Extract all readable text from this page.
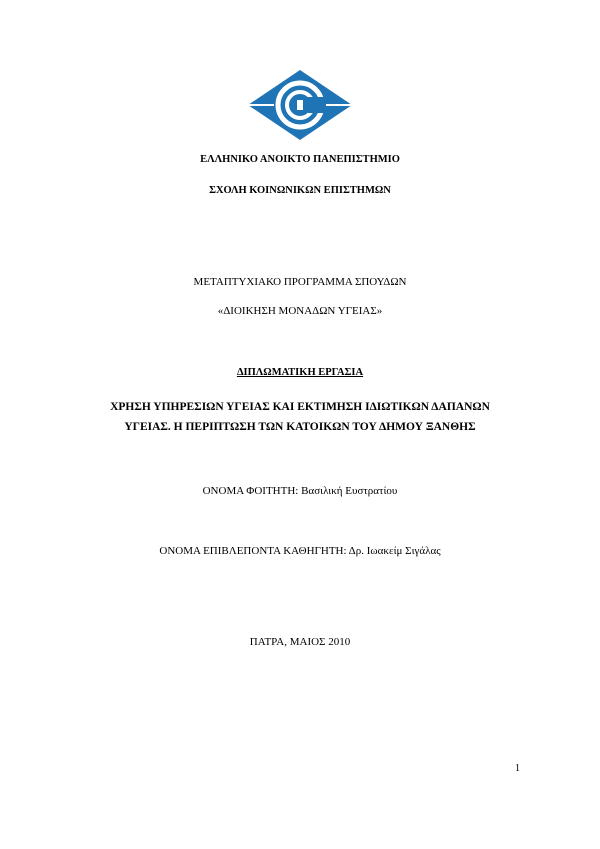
ΕΛΛΗΝΙΚΟ ΑΝΟΙΚΤΟ ΠΑΝΕΠΙΣΤΗΜΙΟ
ΣΧΟΛΗ ΚΟΙΝΩΝΙΚΩΝ ΕΠΙΣΤΗΜΩΝ
ΜΕΤΑΠΤΥΧΙΑΚΟ ΠΡΟΓΡΑΜΜΑ ΣΠΟΥΔΩΝ
«ΔΙΟΙΚΗΣΗ ΜΟΝΑΔΩΝ ΥΓΕΙΑΣ»
ΔΙΠΛΩΜΑΤΙΚΗ ΕΡΓΑΣΙΑ
ΧΡΗΣΗ ΥΠΗΡΕΣΙΩΝ ΥΓΕΙΑΣ ΚΑΙ ΕΚΤΙΜΗΣΗ ΙΔΙΩΤΙΚΩΝ ΔΑΠΑΝΩΝ
ΥΓΕΙΑΣ. Η ΠΕΡΙΠΤΩΣΗ ΤΩΝ ΚΑΤΟΙΚΩΝ ΤΟΥ ΔΗΜΟΥ ΞΑΝΘΗΣ
ΟΝΟΜΑ ΦΟΙΤΗΤΗ: Βασιλική Ευστρατίου
ΟΝΟΜΑ ΕΠΙΒΛΕΠΟΝΤΑ ΚΑΘΗΓΗΤΗ: Δρ. Ιωακείμ Σιγάλας
ΠΑΤΡΑ, ΜΑΙΟΣ 2010
1
